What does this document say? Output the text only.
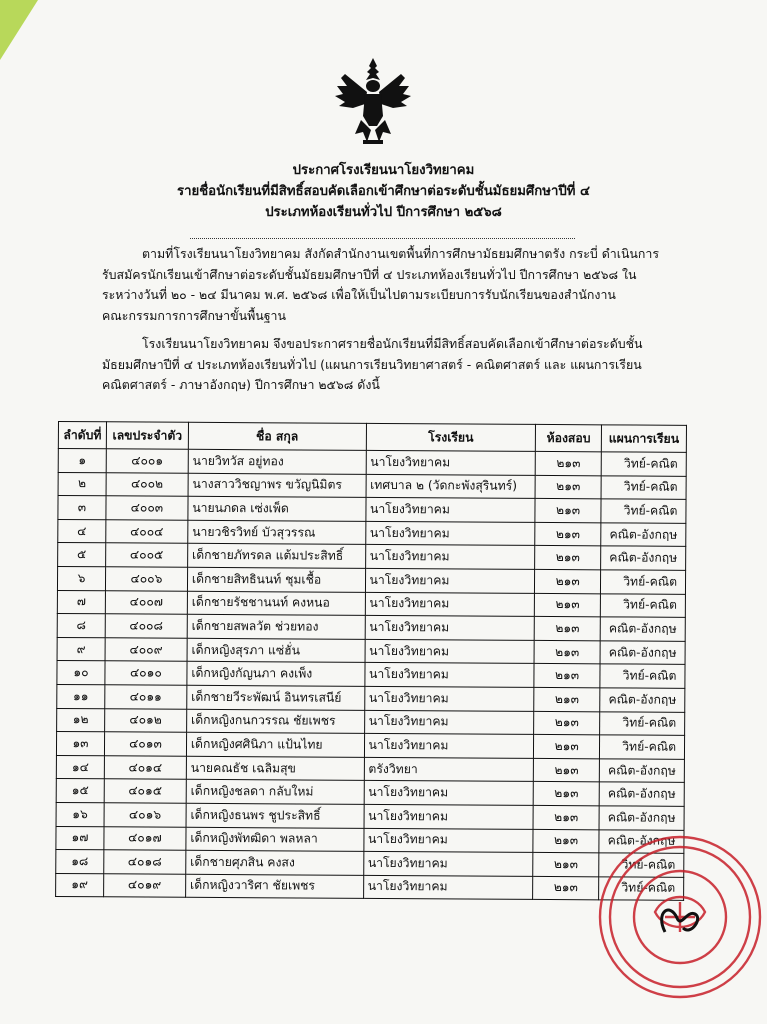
ประกาศโรงเรียนนาโยงวิทยาคม
รายชื่อนักเรียนที่มีสิทธิ์สอบคัดเลือกเข้าศึกษาต่อระดับชั้นมัธยมศึกษาปีที่ ๔
ประเภทห้องเรียนทั่วไป ปีการศึกษา ๒๕๖๘
ตามที่โรงเรียนนาโยงวิทยาคม สังกัดสำนักงานเขตพื้นที่การศึกษามัธยมศึกษาตรัง กระบี่ ดำเนินการ
รับสมัครนักเรียนเข้าศึกษาต่อระดับชั้นมัธยมศึกษาปีที่ ๔ ประเภทห้องเรียนทั่วไป ปีการศึกษา ๒๕๖๘ ใน
ระหว่างวันที่ ๒๐ - ๒๔ มีนาคม พ.ศ. ๒๕๖๘ เพื่อให้เป็นไปตามระเบียบการรับนักเรียนของสำนักงาน
คณะกรรมการการศึกษาขั้นพื้นฐาน
โรงเรียนนาโยงวิทยาคม จึงขอประกาศรายชื่อนักเรียนที่มีสิทธิ์สอบคัดเลือกเข้าศึกษาต่อระดับชั้น
มัธยมศึกษาปีที่ ๔ ประเภทห้องเรียนทั่วไป (แผนการเรียนวิทยาศาสตร์ - คณิตศาสตร์ และ แผนการเรียน
คณิตศาสตร์ - ภาษาอังกฤษ) ปีการศึกษา ๒๕๖๘ ดังนี้
ลำดับที่	เลขประจำตัว	ชื่อ สกุล	โรงเรียน	ห้องสอบ	แผนการเรียน
๑	๔๐๐๑	นายวิทวัส อยู่ทอง	นาโยงวิทยาคม	๒๑๓	วิทย์-คณิต
๒	๔๐๐๒	นางสาววิชญาพร ขวัญนิมิตร	เทศบาล ๒ (วัดกะพังสุรินทร์)	๒๑๓	วิทย์-คณิต
๓	๔๐๐๓	นายนภดล เซ่งเพ็ด	นาโยงวิทยาคม	๒๑๓	วิทย์-คณิต
๔	๔๐๐๔	นายวชิรวิทย์ บัวสุวรรณ	นาโยงวิทยาคม	๒๑๓	คณิต-อังกฤษ
๕	๔๐๐๕	เด็กชายภัทรดล แต้มประสิทธิ์	นาโยงวิทยาคม	๒๑๓	คณิต-อังกฤษ
๖	๔๐๐๖	เด็กชายสิทธินนท์ ชุมเชื้อ	นาโยงวิทยาคม	๒๑๓	วิทย์-คณิต
๗	๔๐๐๗	เด็กชายรัชชานนท์ คงหนอ	นาโยงวิทยาคม	๒๑๓	วิทย์-คณิต
๘	๔๐๐๘	เด็กชายสพลวัต ช่วยทอง	นาโยงวิทยาคม	๒๑๓	คณิต-อังกฤษ
๙	๔๐๐๙	เด็กหญิงสุรภา แซ่ฮั่น	นาโยงวิทยาคม	๒๑๓	คณิต-อังกฤษ
๑๐	๔๐๑๐	เด็กหญิงกัญนภา คงเพ็ง	นาโยงวิทยาคม	๒๑๓	วิทย์-คณิต
๑๑	๔๐๑๑	เด็กชายวีระพัฒน์ อินทรเสนีย์	นาโยงวิทยาคม	๒๑๓	คณิต-อังกฤษ
๑๒	๔๐๑๒	เด็กหญิงกนกวรรณ ชัยเพชร	นาโยงวิทยาคม	๒๑๓	วิทย์-คณิต
๑๓	๔๐๑๓	เด็กหญิงศศินิภา แป้นไทย	นาโยงวิทยาคม	๒๑๓	วิทย์-คณิต
๑๔	๔๐๑๔	นายคณธัช เฉลิมสุข	ตรังวิทยา	๒๑๓	คณิต-อังกฤษ
๑๕	๔๐๑๕	เด็กหญิงชลดา กลับใหม่	นาโยงวิทยาคม	๒๑๓	คณิต-อังกฤษ
๑๖	๔๐๑๖	เด็กหญิงธนพร ชูประสิทธิ์	นาโยงวิทยาคม	๒๑๓	คณิต-อังกฤษ
๑๗	๔๐๑๗	เด็กหญิงพัทฒิดา พลหลา	นาโยงวิทยาคม	๒๑๓	คณิต-อังกฤษ
๑๘	๔๐๑๘	เด็กชายศุภสิน คงสง	นาโยงวิทยาคม	๒๑๓	วิทย์-คณิต
๑๙	๔๐๑๙	เด็กหญิงวาริศา ชัยเพชร	นาโยงวิทยาคม	๒๑๓	วิทย์-คณิต
